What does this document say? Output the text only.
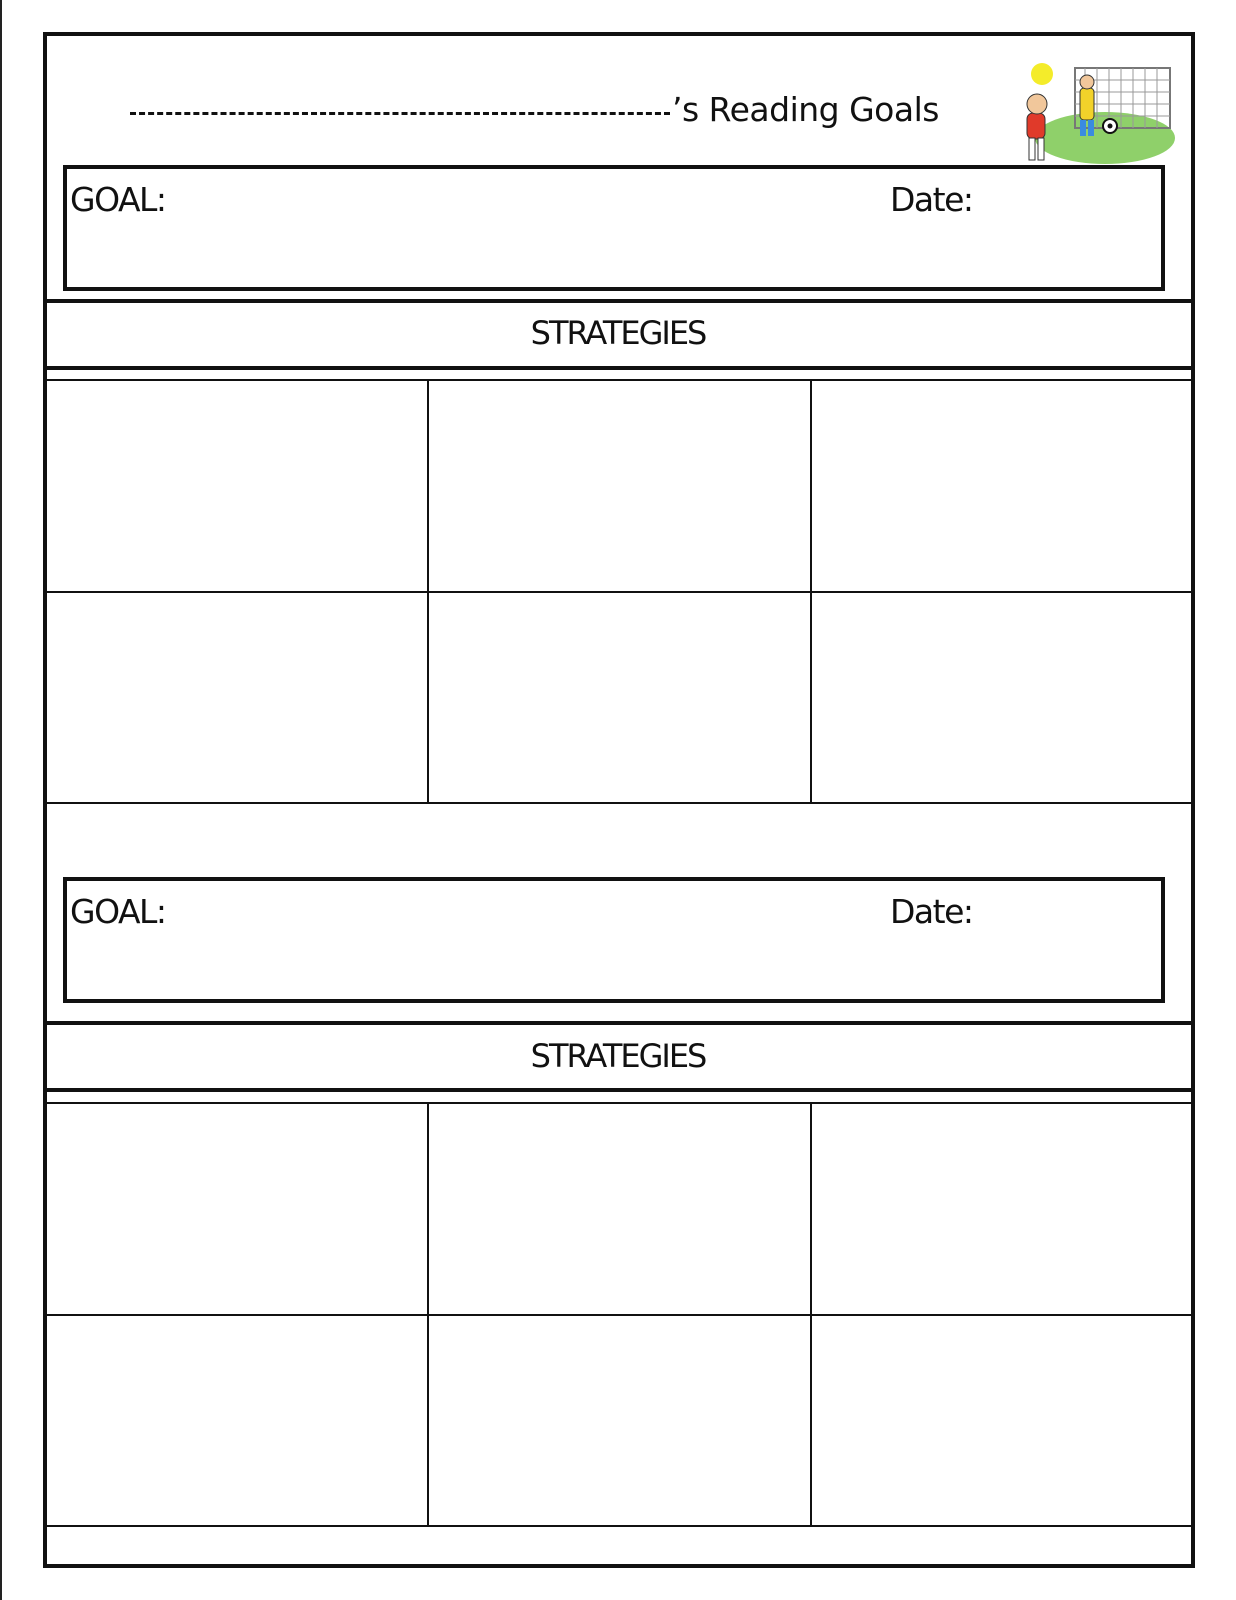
’s Reading Goals
GOAL:	Date:
STRATEGIES
GOAL:	Date:
STRATEGIES
